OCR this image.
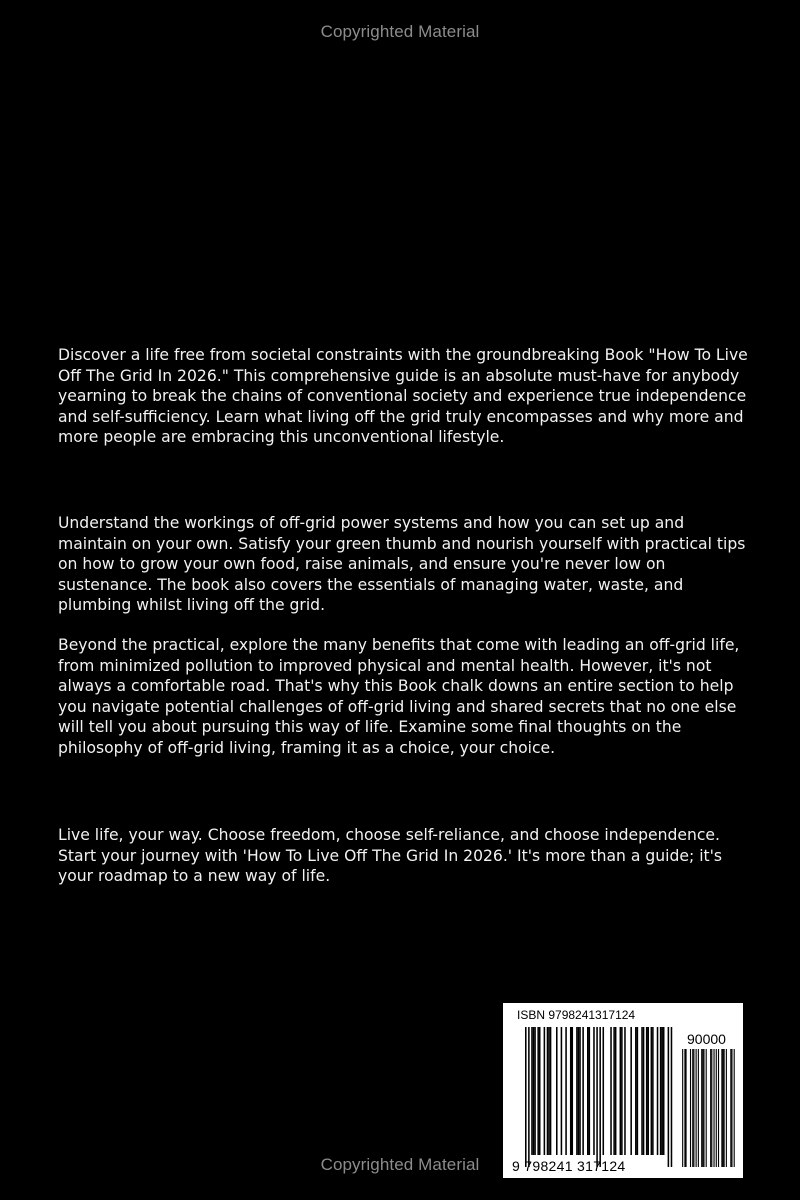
Copyrighted Material

Discover a life free from societal constraints with the groundbreaking Book "How To Live Off The Grid In 2026." This comprehensive guide is an absolute must-have for anybody yearning to break the chains of conventional society and experience true independence and self-sufficiency. Learn what living off the grid truly encompasses and why more and more people are embracing this unconventional lifestyle.

Understand the workings of off-grid power systems and how you can set up and maintain on your own. Satisfy your green thumb and nourish yourself with practical tips on how to grow your own food, raise animals, and ensure you're never low on sustenance. The book also covers the essentials of managing water, waste, and plumbing whilst living off the grid.

Beyond the practical, explore the many benefits that come with leading an off-grid life, from minimized pollution to improved physical and mental health. However, it's not always a comfortable road. That's why this Book chalk downs an entire section to help you navigate potential challenges of off-grid living and shared secrets that no one else will tell you about pursuing this way of life. Examine some final thoughts on the philosophy of off-grid living, framing it as a choice, your choice.

Live life, your way. Choose freedom, choose self-reliance, and choose independence. Start your journey with 'How To Live Off The Grid In 2026.' It's more than a guide; it's your roadmap to a new way of life.

ISBN 9798241317124
90000
9 798241 317124
Copyrighted Material
